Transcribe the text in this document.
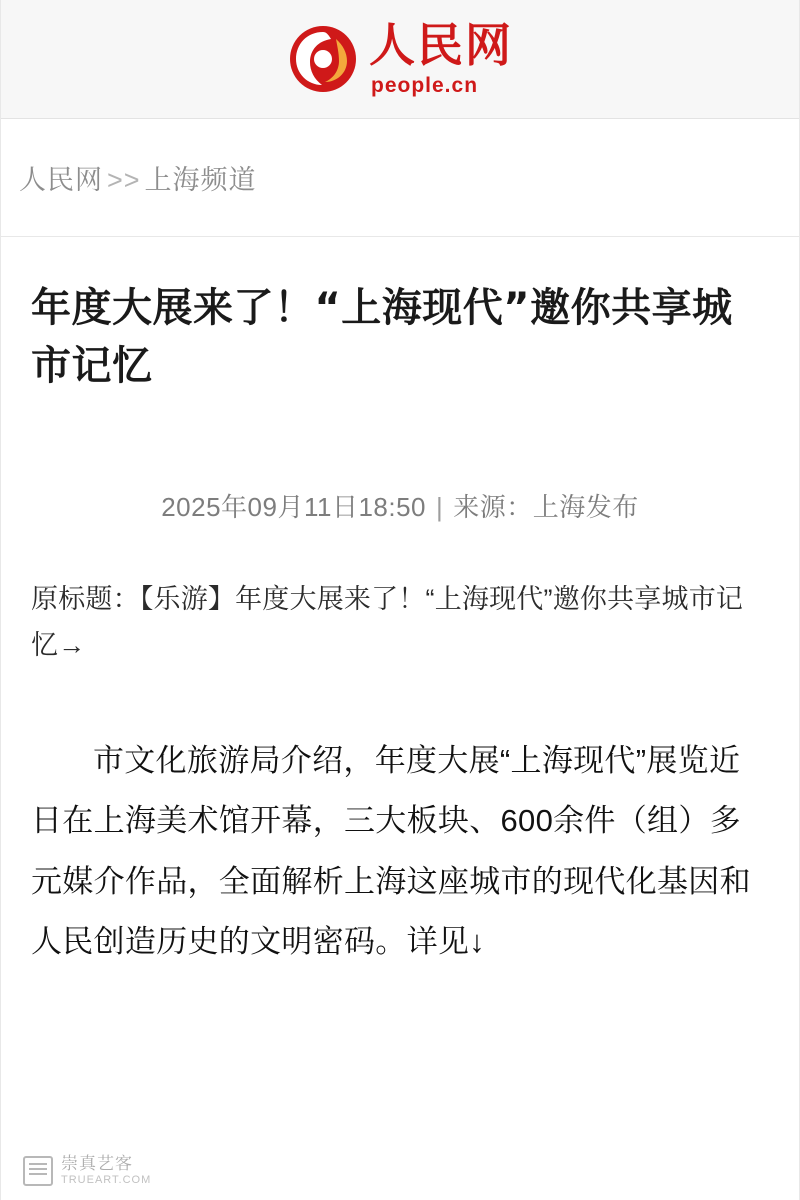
人民网
people.cn
人民网 >> 上海频道
年度大展来了！“上海现代”邀你共享城市记忆
2025年09月11日18:50 | 来源：上海发布

原标题：【乐游】年度大展来了！“上海现代”邀你共享城市记忆→

市文化旅游局介绍，年度大展“上海现代”展览近日在上海美术馆开幕，三大板块、600余件（组）多元媒介作品，全面解析上海这座城市的现代化基因和人民创造历史的文明密码。详见↓

崇真艺客
TRUEART.COM
